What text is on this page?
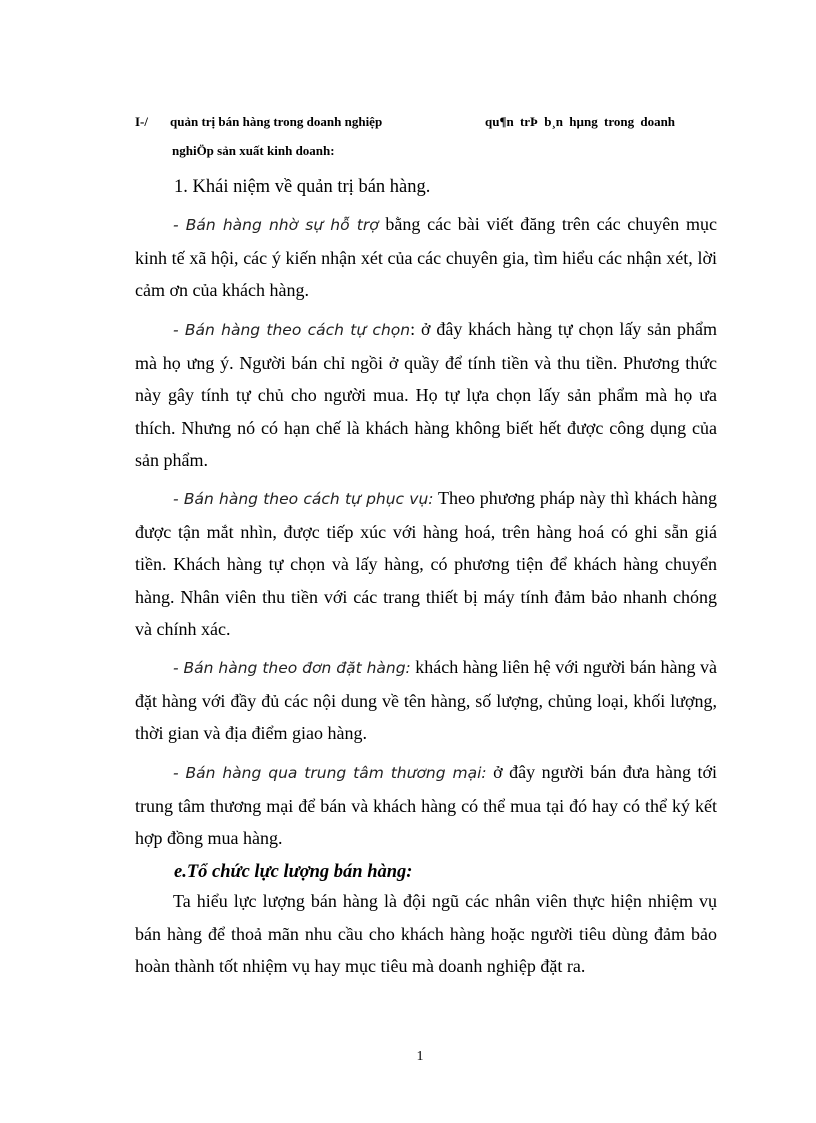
I-/ quản trị bán hàng trong doanh nghiệp	qu¶n trÞ b¸n hµng trong doanh
nghiÖp sản xuất kinh doanh:
1. Khái niệm về quản trị bán hàng.

- Bán hàng nhờ sự hỗ trợ bằng các bài viết đăng trên các chuyên mục kinh tế xã hội, các ý kiến nhận xét của các chuyên gia, tìm hiểu các nhận xét, lời cảm ơn của khách hàng.

- Bán hàng theo cách tự chọn: ở đây khách hàng tự chọn lấy sản phẩm mà họ ưng ý. Người bán chỉ ngồi ở quầy để tính tiền và thu tiền. Phương thức này gây tính tự chủ cho người mua. Họ tự lựa chọn lấy sản phẩm mà họ ưa thích. Nhưng nó có hạn chế là khách hàng không biết hết được công dụng của sản phẩm.

- Bán hàng theo cách tự phục vụ: Theo phương pháp này thì khách hàng được tận mắt nhìn, được tiếp xúc với hàng hoá, trên hàng hoá có ghi sẵn giá tiền. Khách hàng tự chọn và lấy hàng, có phương tiện để khách hàng chuyển hàng. Nhân viên thu tiền với các trang thiết bị máy tính đảm bảo nhanh chóng và chính xác.

- Bán hàng theo đơn đặt hàng: khách hàng liên hệ với người bán hàng và đặt hàng với đầy đủ các nội dung về tên hàng, số lượng, chủng loại, khối lượng, thời gian và địa điểm giao hàng.

- Bán hàng qua trung tâm thương mại: ở đây người bán đưa hàng tới trung tâm thương mại để bán và khách hàng có thể mua tại đó hay có thể ký kết hợp đồng mua hàng.

e.Tổ chức lực lượng bán hàng:

Ta hiểu lực lượng bán hàng là đội ngũ các nhân viên thực hiện nhiệm vụ bán hàng để thoả mãn nhu cầu cho khách hàng hoặc người tiêu dùng đảm bảo hoàn thành tốt nhiệm vụ hay mục tiêu mà doanh nghiệp đặt ra.

1
